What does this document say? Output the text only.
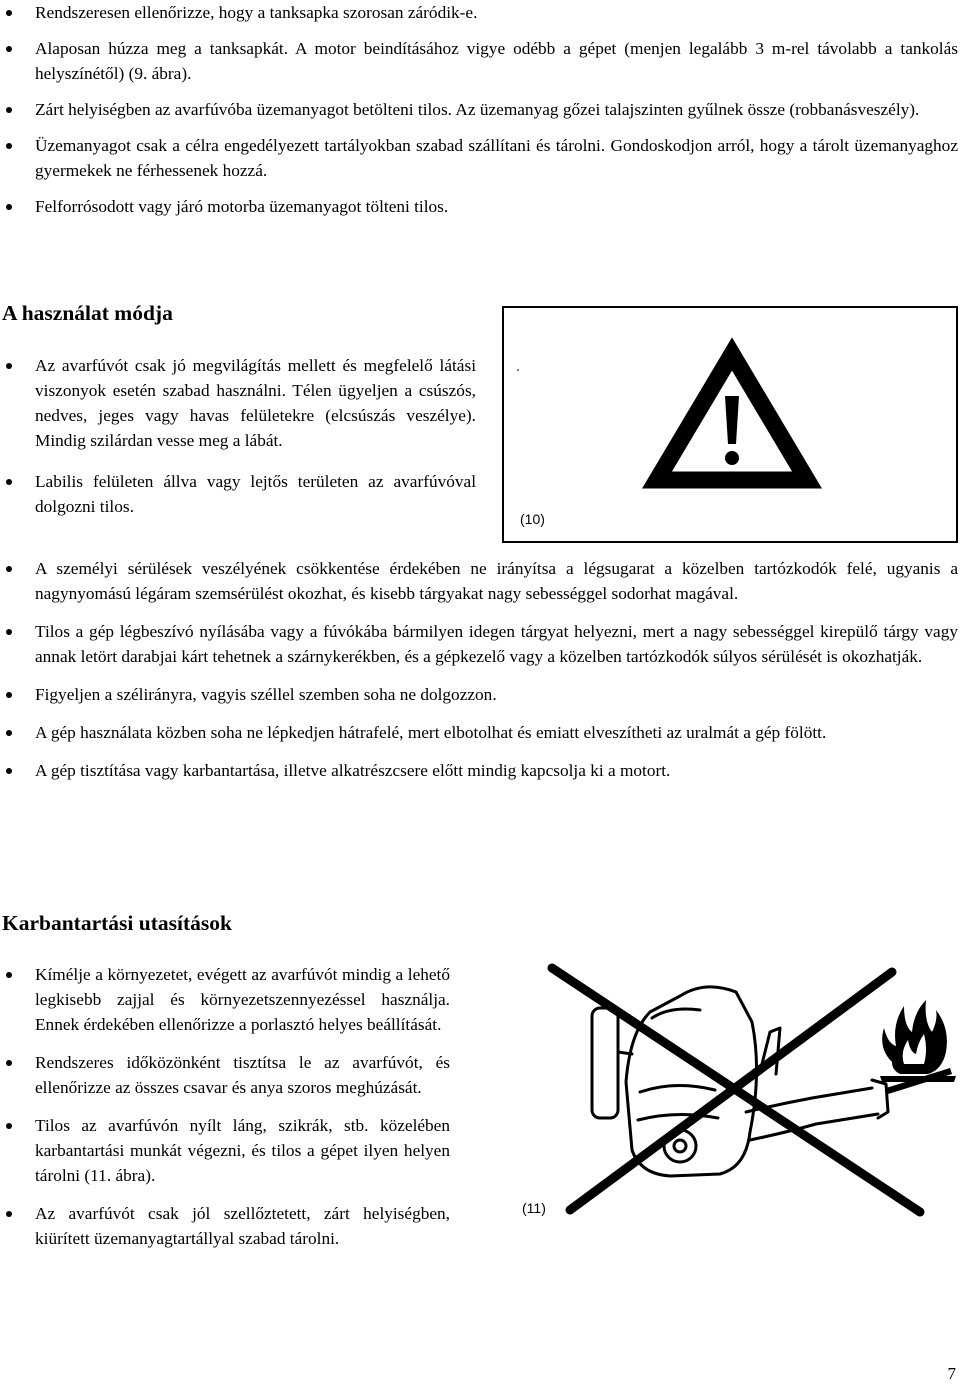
Rendszeresen ellenőrizze, hogy a tanksapka szorosan záródik-e.
Alaposan húzza meg a tanksapkát. A motor beindításához vigye odébb a gépet (menjen legalább 3 m-rel távolabb a tankolás helyszínétől) (9. ábra).
Zárt helyiségben az avarfúvóba üzemanyagot betölteni tilos. Az üzemanyag gőzei talajszinten gyűlnek össze (robbanásveszély).
Üzemanyagot csak a célra engedélyezett tartályokban szabad szállítani és tárolni. Gondoskodjon arról, hogy a tárolt üzemanyaghoz gyermekek ne férhessenek hozzá.
Felforrósodott vagy járó motorba üzemanyagot tölteni tilos.
A használat módja
Az avarfúvót csak jó megvilágítás mellett és megfelelő látási viszonyok esetén szabad használni. Télen ügyeljen a csúszós, nedves, jeges vagy havas felületekre (elcsúszás veszélye). Mindig szilárdan vesse meg a lábát.
Labilis felületen állva vagy lejtős területen az avarfúvóval dolgozni tilos.
(10)
A személyi sérülések veszélyének csökkentése érdekében ne irányítsa a légsugarat a közelben tartózkodók felé, ugyanis a nagynyomású légáram szemsérülést okozhat, és kisebb tárgyakat nagy sebességgel sodorhat magával.
Tilos a gép légbeszívó nyílásába vagy a fúvókába bármilyen idegen tárgyat helyezni, mert a nagy sebességgel kirepülő tárgy vagy annak letört darabjai kárt tehetnek a szárnykerékben, és a gépkezelő vagy a közelben tartózkodók súlyos sérülését is okozhatják.
Figyeljen a szélirányra, vagyis széllel szemben soha ne dolgozzon.
A gép használata közben soha ne lépkedjen hátrafelé, mert elbotolhat és emiatt elveszítheti az uralmát a gép fölött.
A gép tisztítása vagy karbantartása, illetve alkatrészcsere előtt mindig kapcsolja ki a motort.
Karbantartási utasítások
Kímélje a környezetet, evégett az avarfúvót mindig a lehető legkisebb zajjal és környezetszennyezéssel használja. Ennek érdekében ellenőrizze a porlasztó helyes beállítását.
Rendszeres időközönként tisztítsa le az avarfúvót, és ellenőrizze az összes csavar és anya szoros meghúzását.
Tilos az avarfúvón nyílt láng, szikrák, stb. közelében karbantartási munkát végezni, és tilos a gépet ilyen helyen tárolni (11. ábra).
Az avarfúvót csak jól szellőztetett, zárt helyiségben, kiürített üzemanyagtartállyal szabad tárolni.
(11)
7
